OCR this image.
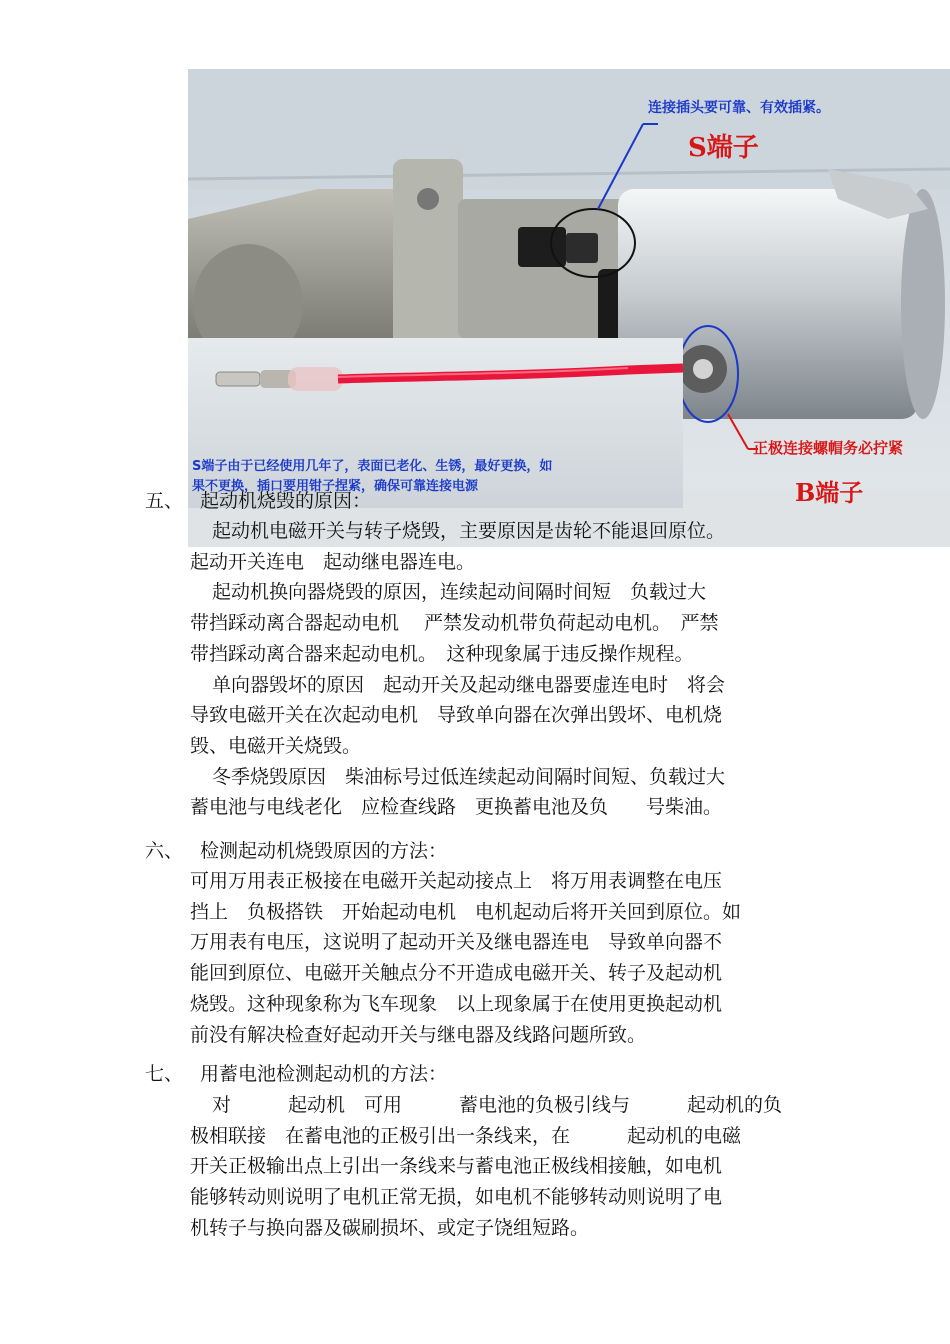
连接插头要可靠、有效插紧。
S端子
正极连接螺帽务必拧紧
B端子
S端子由于已经使用几年了，表面已老化、生锈，最好更换，如
果不更换，插口要用钳子捏紧，确保可靠连接电源
五、 起动机烧毁的原因：

起动机电磁开关与转子烧毁，主要原因是齿轮不能退回原位。

起动开关连电　起动继电器连电。

起动机换向器烧毁的原因，连续起动间隔时间短　负载过大

带挡踩动离合器起动电机　 严禁发动机带负荷起动电机。　严禁

带挡踩动离合器来起动电机。　这种现象属于违反操作规程。

单向器毁坏的原因　起动开关及起动继电器要虚连电时　将会

导致电磁开关在次起动电机　导致单向器在次弹出毁坏、电机烧

毁、电磁开关烧毁。

冬季烧毁原因　柴油标号过低连续起动间隔时间短、负载过大

蓄电池与电线老化　应检查线路　更换蓄电池及负　　号柴油。

六、 检测起动机烧毁原因的方法：

可用万用表正极接在电磁开关起动接点上　将万用表调整在电压

挡上　负极搭铁　开始起动电机　电机起动后将开关回到原位。如

万用表有电压，这说明了起动开关及继电器连电　导致单向器不

能回到原位、电磁开关触点分不开造成电磁开关、转子及起动机

烧毁。这种现象称为飞车现象　以上现象属于在使用更换起动机

前没有解决检查好起动开关与继电器及线路问题所致。

七、 用蓄电池检测起动机的方法：

对　　　起动机　可用　　　蓄电池的负极引线与　　　起动机的负

极相联接　在蓄电池的正极引出一条线来，在　　　起动机的电磁

开关正极输出点上引出一条线来与蓄电池正极线相接触，如电机

能够转动则说明了电机正常无损，如电机不能够转动则说明了电

机转子与换向器及碳刷损坏、或定子饶组短路。
